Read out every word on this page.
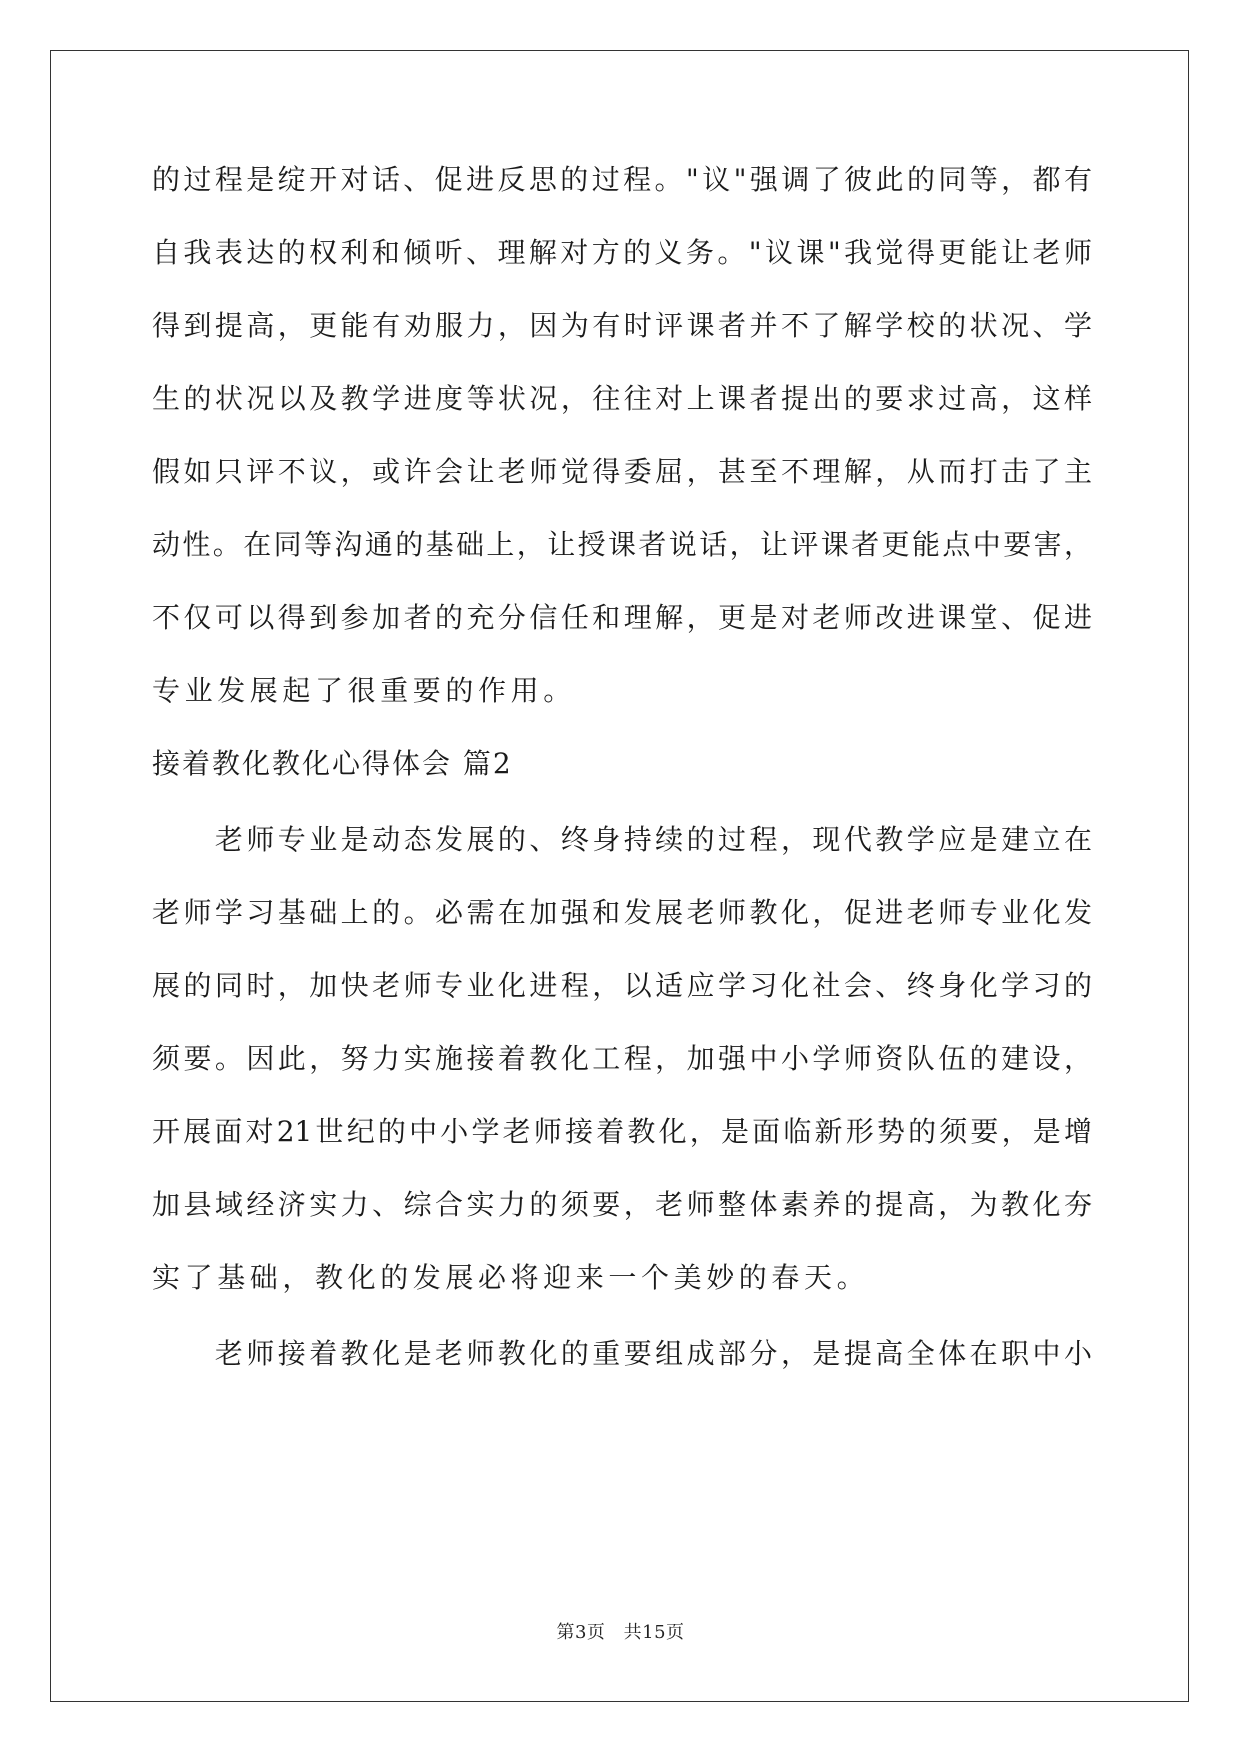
的过程是绽开对话、促进反思的过程。"议"强调了彼此的同等，都有
自我表达的权利和倾听、理解对方的义务。"议课"我觉得更能让老师
得到提高，更能有劝服力，因为有时评课者并不了解学校的状况、学
生的状况以及教学进度等状况，往往对上课者提出的要求过高，这样
假如只评不议，或许会让老师觉得委屈，甚至不理解，从而打击了主
动性。在同等沟通的基础上，让授课者说话，让评课者更能点中要害，
不仅可以得到参加者的充分信任和理解，更是对老师改进课堂、促进
专业发展起了很重要的作用。
接着教化教化心得体会 篇2
　　老师专业是动态发展的、终身持续的过程，现代教学应是建立在
老师学习基础上的。必需在加强和发展老师教化，促进老师专业化发
展的同时，加快老师专业化进程，以适应学习化社会、终身化学习的
须要。因此，努力实施接着教化工程，加强中小学师资队伍的建设，
开展面对21世纪的中小学老师接着教化，是面临新形势的须要，是增
加县域经济实力、综合实力的须要，老师整体素养的提高，为教化夯
实了基础，教化的发展必将迎来一个美妙的春天。
　　老师接着教化是老师教化的重要组成部分，是提高全体在职中小
第3页 共15页
